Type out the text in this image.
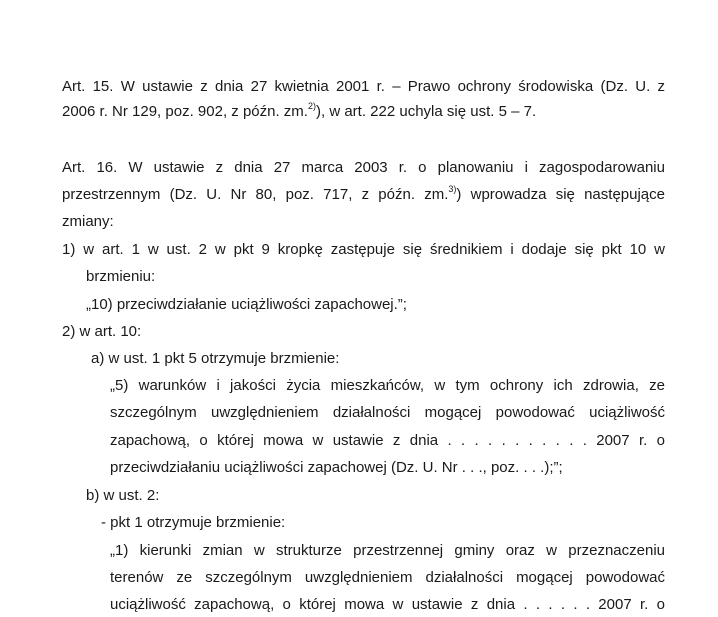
Art. 15. W ustawie z dnia 27 kwietnia 2001 r. – Prawo ochrony środowiska (Dz. U. z
2006 r. Nr 129, poz. 902, z późn. zm.$^{2)}$), w art. 222 uchyla się ust. 5 – 7.
Art. 16. W ustawie z dnia 27 marca 2003 r. o planowaniu i zagospodarowaniu
przestrzennym (Dz. U. Nr 80, poz. 717, z późn. zm.$^{3)}$) wprowadza się następujące
zmiany:
1) w art. 1 w ust. 2 w pkt 9 kropkę zastępuje się średnikiem i dodaje się pkt 10 w
brzmieniu:
„10) przeciwdziałanie uciążliwości zapachowej.”;
2) w art. 10:
a) w ust. 1 pkt 5 otrzymuje brzmienie:
„5) warunków i jakości życia mieszkańców, w tym ochrony ich zdrowia, ze
szczególnym uwzględnieniem działalności mogącej powodować uciążliwość
zapachową, o której mowa w ustawie z dnia . . . . . . . . . . . 2007 r. o
przeciwdziałaniu uciążliwości zapachowej (Dz. U. Nr . . ., poz. . . .);”;
b) w ust. 2:
- pkt 1 otrzymuje brzmienie:
„1) kierunki zmian w strukturze przestrzennej gminy oraz w przeznaczeniu
terenów ze szczególnym uwzględnieniem działalności mogącej powodować
uciążliwość zapachową, o której mowa w ustawie z dnia . . . . . . 2007 r. o
